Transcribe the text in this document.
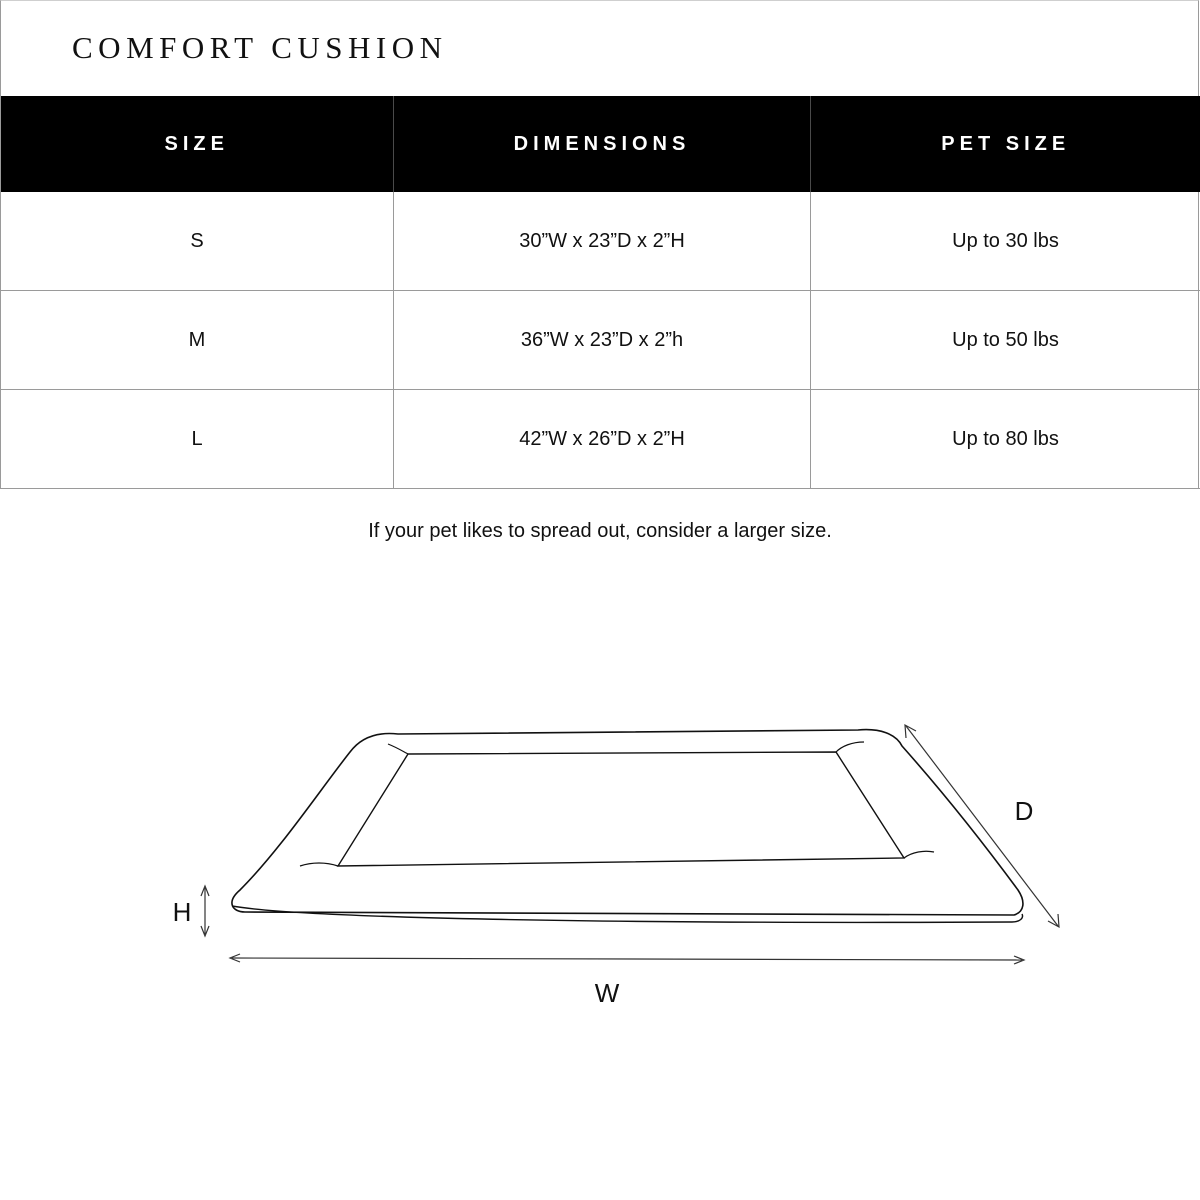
COMFORT CUSHION
SIZE	DIMENSIONS	PET SIZE
S	30”W x 23”D x 2”H	Up to 30 lbs
M	36”W x 23”D x 2”h	Up to 50 lbs
L	42”W x 26”D x 2”H	Up to 80 lbs
If your pet likes to spread out, consider a larger size.
W
D
H
